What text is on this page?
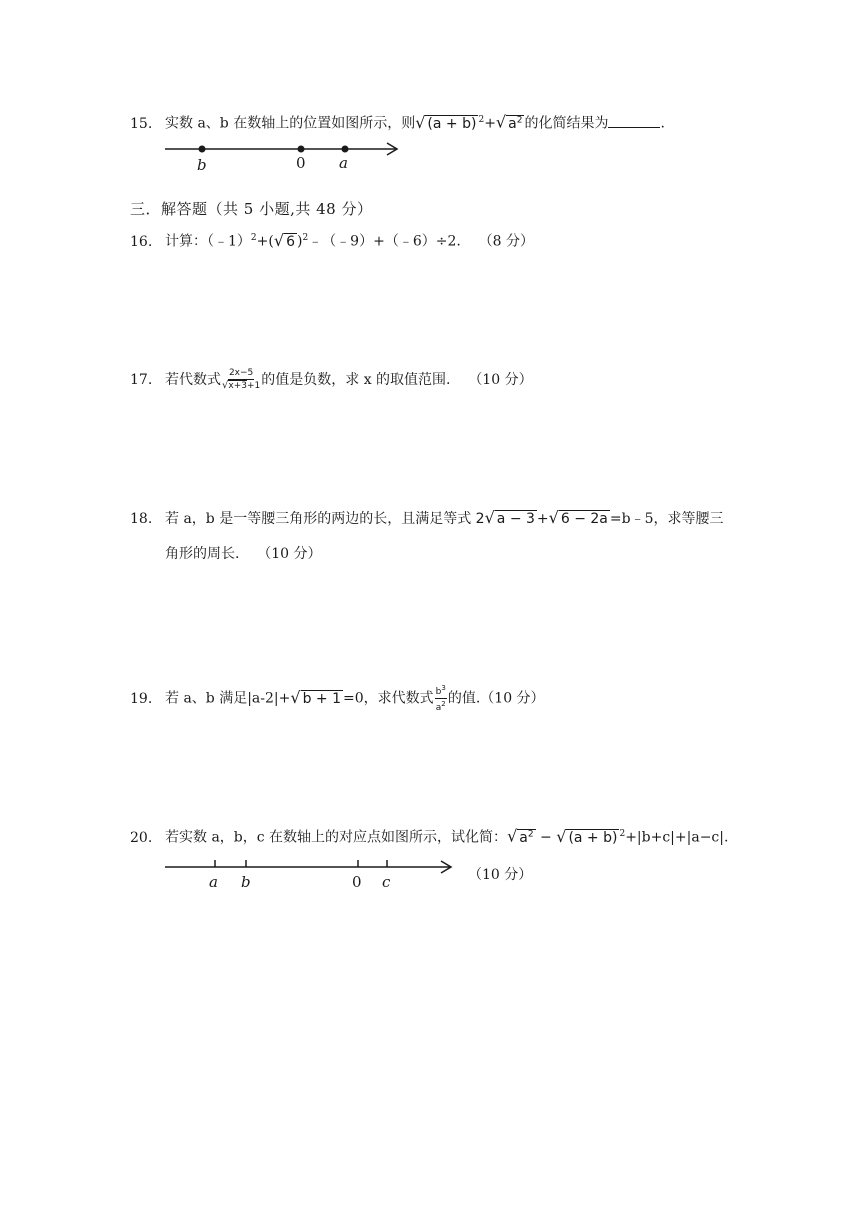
15. 实数 a、b 在数轴上的位置如图所示，则√ (a + b) $^2$+√ $a^2$ 的化简结果为	.
b	0 a
三．解答题（共 5 小题,共 48 分）
16. 计算：（﹣1）$^2$+(√ 6 )$^2$﹣（﹣9）+（﹣6）÷2. （8 分）
17. 若代数式 $\frac{2x-5}{√x+3+1}$ 的值是负数，求 x 的取值范围. （10 分）
18. 若 a，b 是一等腰三角形的两边的长，且满足等式 2√ a − 3 +√ 6 − 2a =b﹣5，求等腰三
角形的周长. （10 分）
19. 若 a、b 满足|a-2|+√ b + 1 =0，求代数式 $\frac{b^3}{a^2}$ 的值.（10 分）
20. 若实数 a，b，c 在数轴上的对应点如图所示，试化简：√ $a^2$ − √ (a + b) $^2$+|b+c|+|a−c|.
a b	0 c	（10 分）
